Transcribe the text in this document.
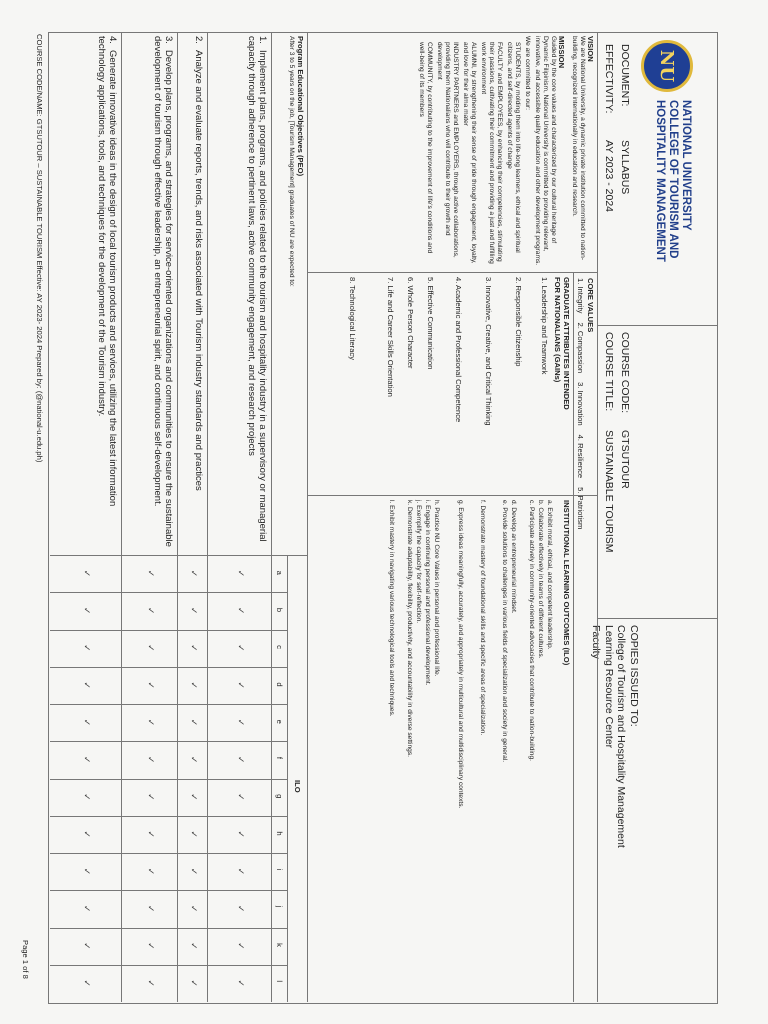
NU
NATIONAL UNIVERSITY
COLLEGE OF TOURISM AND
HOSPITALITY MANAGEMENT
DOCUMENT:
SYLLABUS
EFFECTIVITY:
AY 2023 - 2024
COURSE CODE:
GTSUTOUR
COURSE TITLE:
SUSTAINABLE TOURISM
COPIES ISSUED TO:
College of Tourism and Hospitality Management
Learning Resource Center
Faculty
VISION
We are National University, a dynamic private institution committed to nation-building, recognized internationally in education and research.
MISSION
Guided by the core values and characterized by our cultural heritage of Dynamic Filipinism, National University is committed to providing relevant, innovative, and accessible quality education and other development programs.
We are committed to our:
STUDENTS, by molding them into life-long learners, ethical and spiritual citizens, and self-directed agents of change
FACULTY and EMPLOYEES, by enhancing their competencies, stimulating their passions, cultivating their commitment and providing a just and fulfilling work environment
ALUMNI, by strengthening their sense of pride through engagement, loyalty, and love for their alma mater
INDUSTRY PARTNERS and EMPLOYERS, through active collaborations, providing them Nationalians who will contribute to their growth and development
COMMUNITY, by contributing to the improvement of life's conditions and well-being of its members
CORE VALUES
1. Integrity
2. Compassion
3. Innovation
4. Resilience
5. Patriotism
GRADUATE ATTRIBUTES INTENDED
FOR NATIONALIANS (GAINs)
1. Leadership and Teamwork
2. Responsible Citizenship
3. Innovative, Creative, and Critical Thinking
4. Academic and Professional Competence
5. Effective Communication
6. Whole Person Character
7. Life and Career Skills Orientation
8. Technological Literacy
INSTITUTIONAL LEARNING OUTCOMES (ILO)
a. Exhibit moral, ethical, and competent leadership.
b. Collaborate effectively in teams of different cultures.
c. Participate actively in community-oriented advocacies that contribute to nation-building.
d. Develop an entrepreneurial mindset.
e. Provide solutions to challenges in various fields of specialization and society in general.
f. Demonstrate mastery of foundational skills and specific areas of specialization.
g. Express ideas meaningfully, accurately, and appropriately in multicultural and multidisciplinary contexts.
h. Practice NU Core Values in personal and professional life.
i. Engage in continuing personal and professional development.
j. Exemplify the capacity for self-reflection.
k. Demonstrate adaptability, flexibility, productivity, and accountability in diverse settings.
l. Exhibit mastery in navigating various technological tools and techniques.
Program Educational Objectives (PEO)
After 3 to 5 years on the job, [Tourism Management] graduates of NU are expected to:
ILO
a
b
c
d
e
f
g
h
i
j
k
l
1.Implement plans, programs, and policies related to the tourism and hospitality industry in a supervisory or managerial capacity through adherence to pertinent laws, active community engagement, and research projects
✓
✓
✓
✓
✓
✓
✓
✓
✓
✓
✓
✓
2.Analyze and evaluate reports, trends, and risks associated with Tourism industry standards and practices
✓
✓
✓
✓
✓
✓
✓
✓
✓
✓
✓
✓
3.Develop plans, programs, and strategies for service-oriented organizations and communities to ensure the sustainable development of tourism through effective leadership, an entrepreneurial spirit, and continuous self-development.
✓
✓
✓
✓
✓
✓
✓
✓
✓
✓
✓
✓
4.Generate innovative ideas in the design of local tourism products and services, utilizing the latest information technology applications, tools, and techniques for the development of the Tourism industry.
✓
✓
✓
✓
✓
✓
✓
✓
✓
✓
✓
✓
COURSE CODE/NAME: GTSUTOUR – SUSTAINABLE TOURISM Effective: AY 2023- 2024 Prepared by: (@national-u.edu.ph)
Page 1 of 8
